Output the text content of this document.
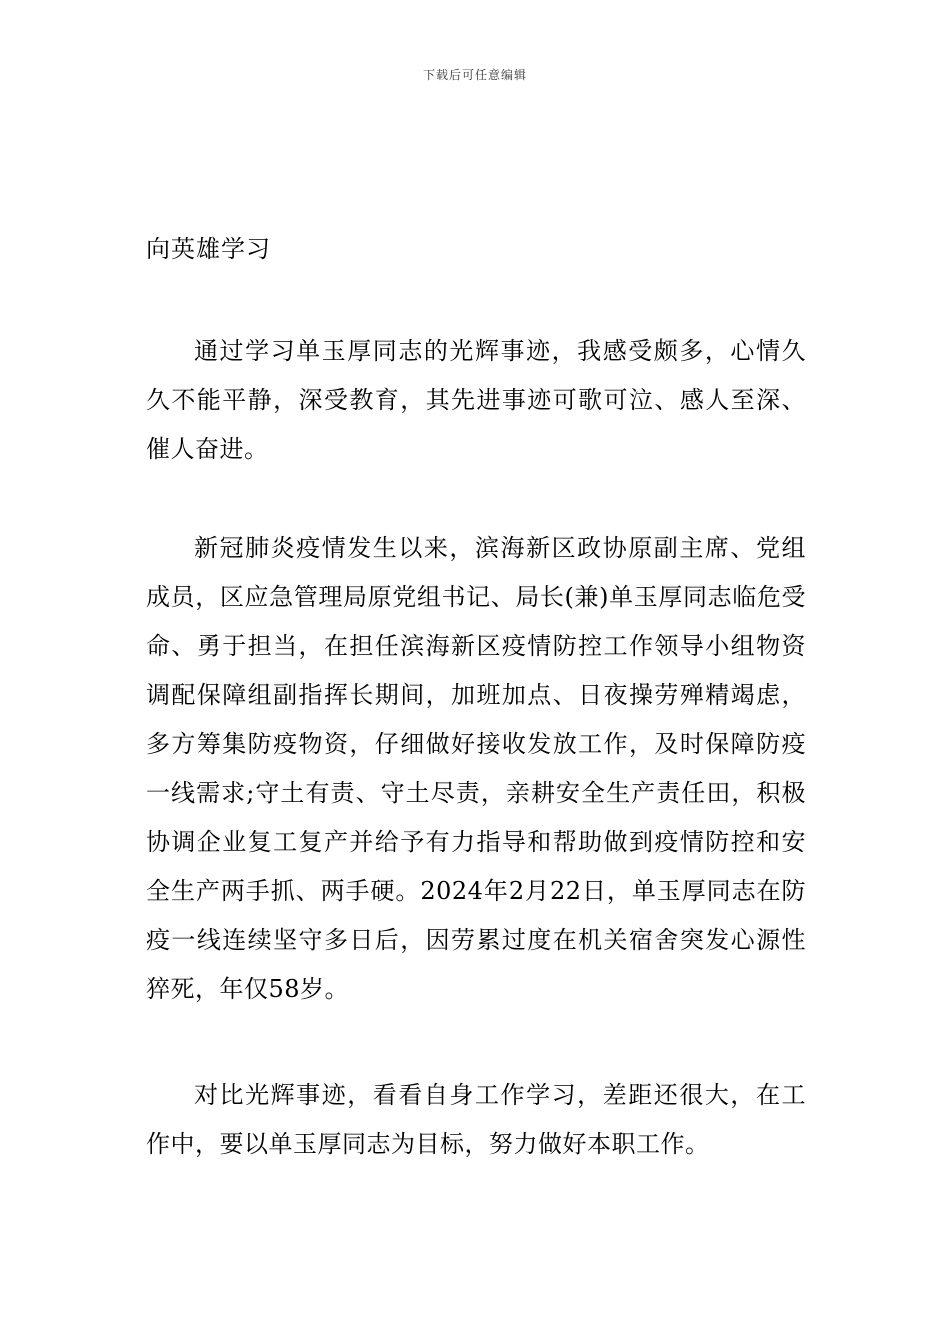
下载后可任意编辑
向英雄学习

通过学习单玉厚同志的光辉事迹，我感受颇多，心情久久不能平静，深受教育，其先进事迹可歌可泣、感人至深、催人奋进。

新冠肺炎疫情发生以来，滨海新区政协原副主席、党组成员，区应急管理局原党组书记、局长(兼)单玉厚同志临危受命、勇于担当，在担任滨海新区疫情防控工作领导小组物资调配保障组副指挥长期间，加班加点、日夜操劳殚精竭虑，多方筹集防疫物资，仔细做好接收发放工作，及时保障防疫一线需求;守土有责、守土尽责，亲耕安全生产责任田，积极协调企业复工复产并给予有力指导和帮助做到疫情防控和安全生产两手抓、两手硬。2024年2月22日，单玉厚同志在防疫一线连续坚守多日后，因劳累过度在机关宿舍突发心源性猝死，年仅58岁。

对比光辉事迹，看看自身工作学习，差距还很大，在工作中，要以单玉厚同志为目标，努力做好本职工作。
